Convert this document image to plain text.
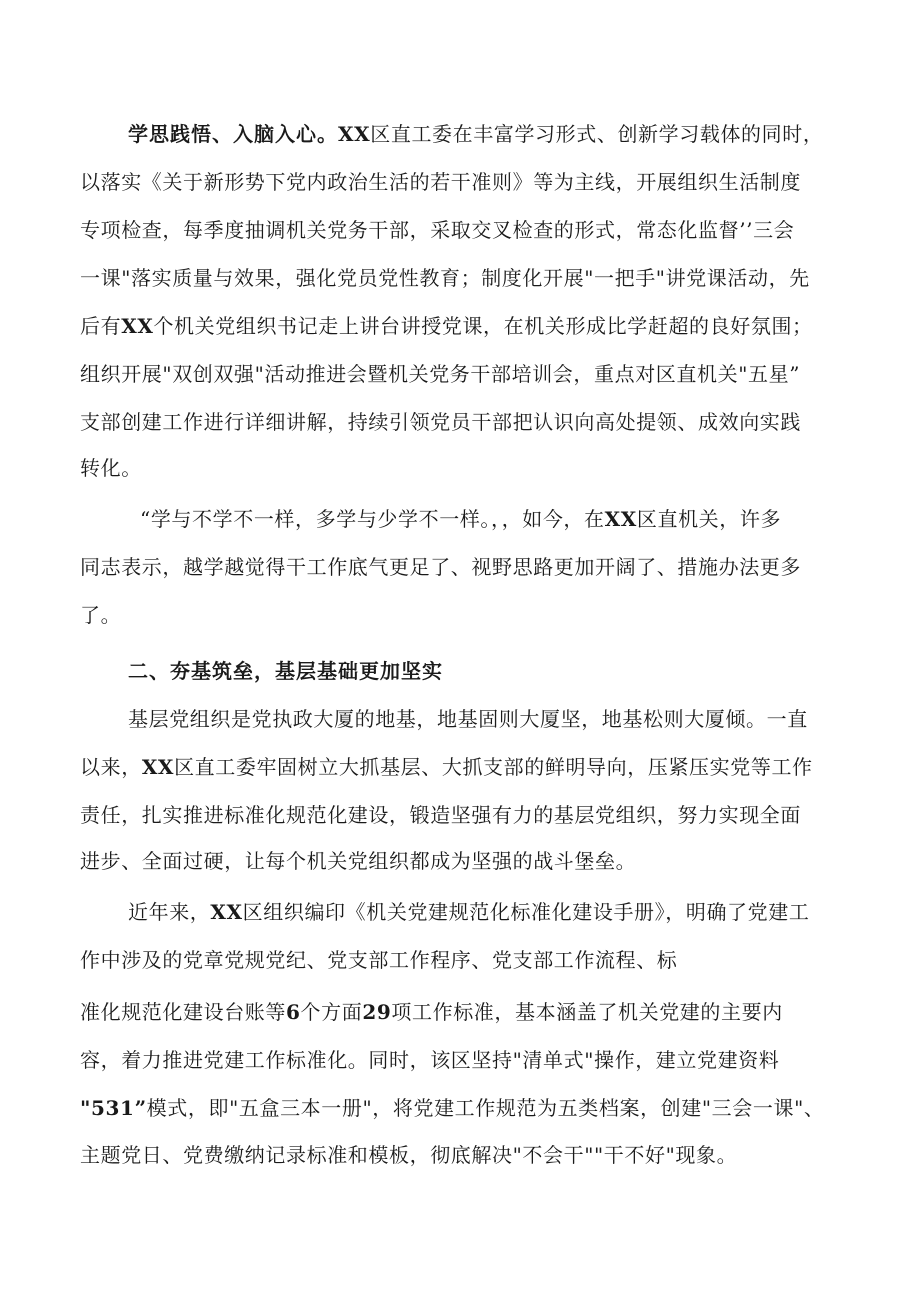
学思践悟、入脑入心。XX区直工委在丰富学习形式、创新学习载体的同时，
以落实《关于新形势下党内政治生活的若干准则》等为主线，开展组织生活制度
专项检查，每季度抽调机关党务干部，采取交叉检查的形式，常态化监督’’三会
一课"落实质量与效果，强化党员党性教育；制度化开展"一把手"讲党课活动，先
后有XX个机关党组织书记走上讲台讲授党课，在机关形成比学赶超的良好氛围；
组织开展"双创双强"活动推进会暨机关党务干部培训会，重点对区直机关"五星”
支部创建工作进行详细讲解，持续引领党员干部把认识向高处提领、成效向实践
转化。
“学与不学不一样，多学与少学不一样。，，如今，在XX区直机关，许多
同志表示，越学越觉得干工作底气更足了、视野思路更加开阔了、措施办法更多
了。
二、夯基筑垒，基层基础更加坚实
基层党组织是党执政大厦的地基，地基固则大厦坚，地基松则大厦倾。一直
以来，XX区直工委牢固树立大抓基层、大抓支部的鲜明导向，压紧压实党等工作
责任，扎实推进标准化规范化建设，锻造坚强有力的基层党组织，努力实现全面
进步、全面过硬，让每个机关党组织都成为坚强的战斗堡垒。
近年来，XX区组织编印《机关党建规范化标准化建设手册》，明确了党建工
作中涉及的党章党规党纪、党支部工作程序、党支部工作流程、标
准化规范化建设台账等6个方面29项工作标准，基本涵盖了机关党建的主要内
容，着力推进党建工作标准化。同时，该区坚持"清单式"操作，建立党建资料
"531”模式，即"五盒三本一册"，将党建工作规范为五类档案，创建"三会一课"、
主题党日、党费缴纳记录标准和模板，彻底解决"不会干""干不好"现象。
